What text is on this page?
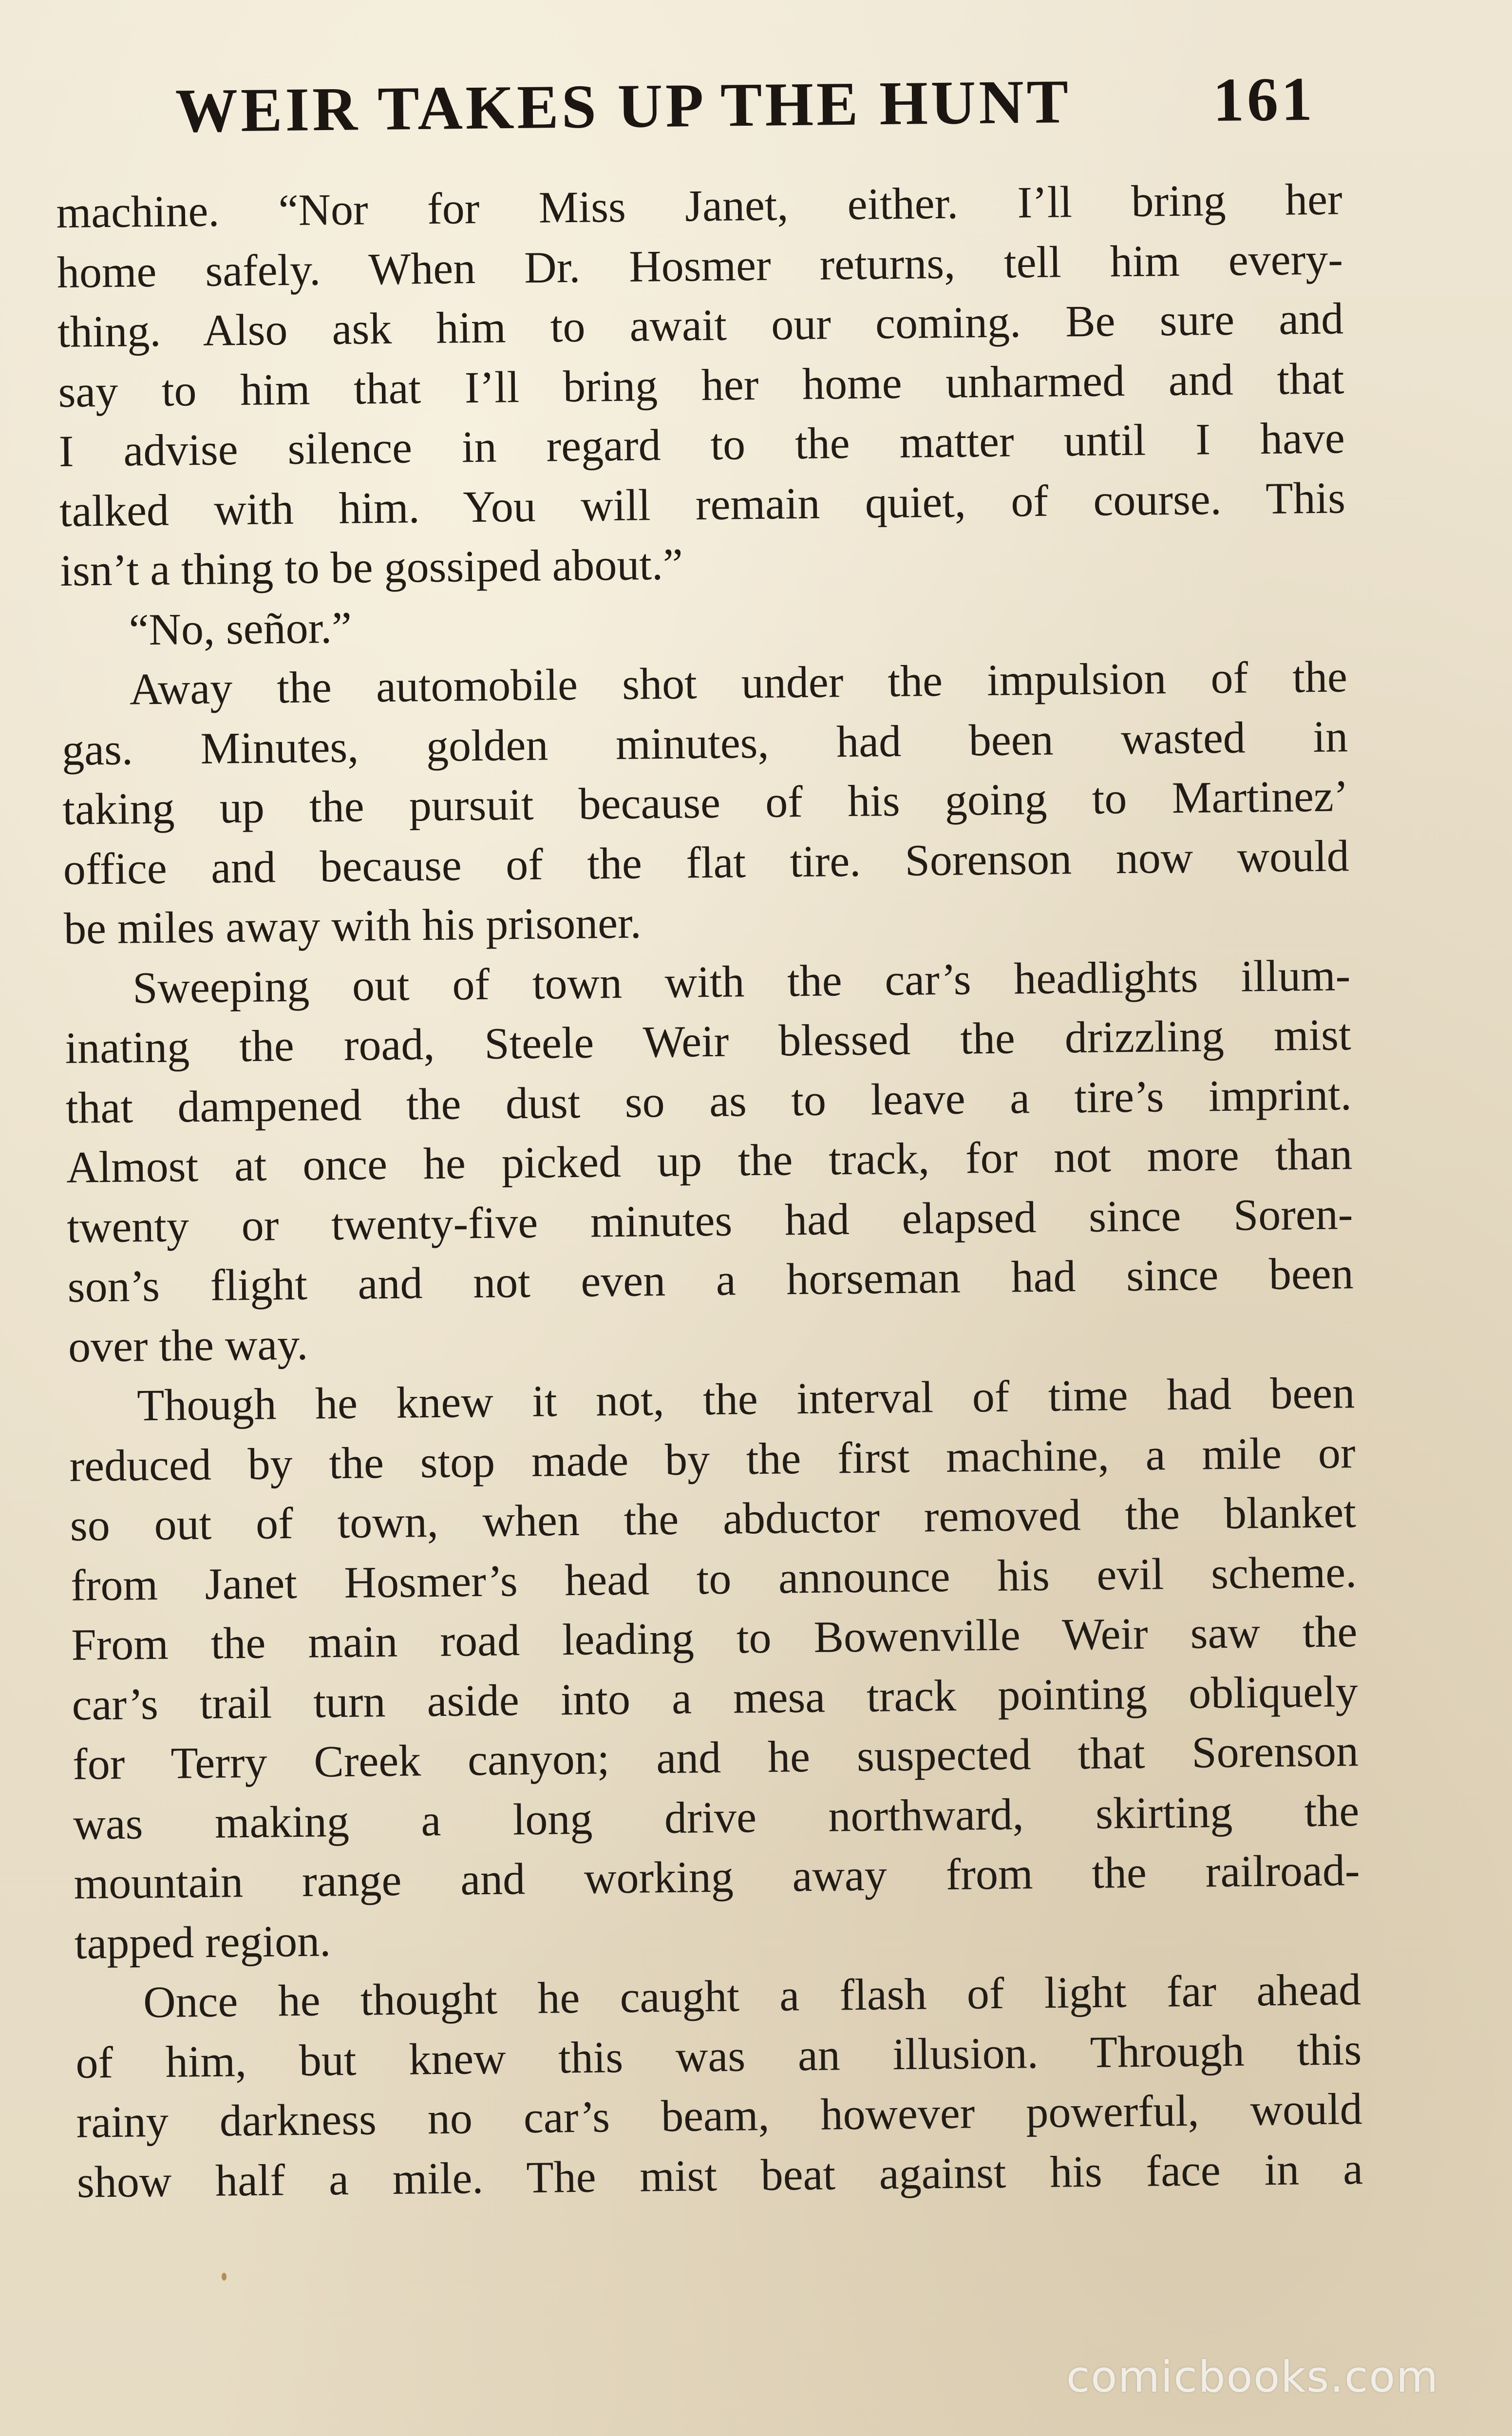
WEIR TAKES UP THE HUNT 161
machine. “Nor for Miss Janet, either. I’ll bring her
home safely. When Dr. Hosmer returns, tell him every-
thing. Also ask him to await our coming. Be sure and
say to him that I’ll bring her home unharmed and that
I advise silence in regard to the matter until I have
talked with him. You will remain quiet, of course. This
isn’t a thing to be gossiped about.”
“No, señor.”
Away the automobile shot under the impulsion of the
gas. Minutes, golden minutes, had been wasted in
taking up the pursuit because of his going to Martinez’
office and because of the flat tire. Sorenson now would
be miles away with his prisoner.
Sweeping out of town with the car’s headlights illum-
inating the road, Steele Weir blessed the drizzling mist
that dampened the dust so as to leave a tire’s imprint.
Almost at once he picked up the track, for not more than
twenty or twenty-five minutes had elapsed since Soren-
son’s flight and not even a horseman had since been
over the way.
Though he knew it not, the interval of time had been
reduced by the stop made by the first machine, a mile or
so out of town, when the abductor removed the blanket
from Janet Hosmer’s head to announce his evil scheme.
From the main road leading to Bowenville Weir saw the
car’s trail turn aside into a mesa track pointing obliquely
for Terry Creek canyon; and he suspected that Sorenson
was making a long drive northward, skirting the
mountain range and working away from the railroad-
tapped region.
Once he thought he caught a flash of light far ahead
of him, but knew this was an illusion. Through this
rainy darkness no car’s beam, however powerful, would
show half a mile. The mist beat against his face in a
comicbooks.com
